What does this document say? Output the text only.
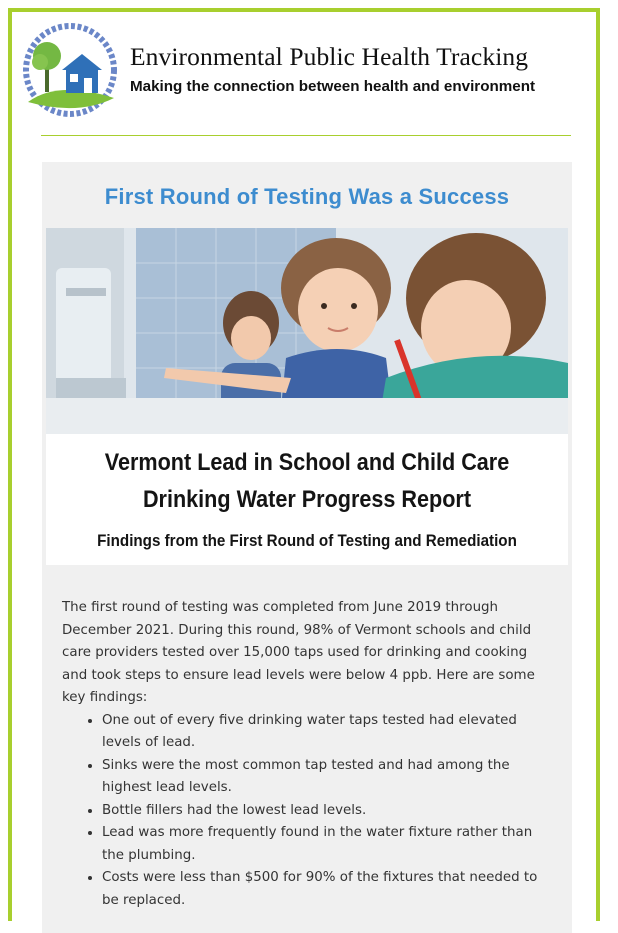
Environmental Public Health Tracking
Making the connection between health and environment
First Round of Testing Was a Success
Vermont Lead in School and Child Care
Drinking Water Progress Report
Findings from the First Round of Testing and Remediation

The first round of testing was completed from June 2019 through December 2021. During this round, 98% of Vermont schools and child care providers tested over 15,000 taps used for drinking and cooking and took steps to ensure lead levels were below 4 ppb. Here are some key findings:

• One out of every five drinking water taps tested had elevated levels of lead.
• Sinks were the most common tap tested and had among the highest lead levels.
• Bottle fillers had the lowest lead levels.
• Lead was more frequently found in the water fixture rather than the plumbing.
• Costs were less than $500 for 90% of the fixtures that needed to be replaced.
